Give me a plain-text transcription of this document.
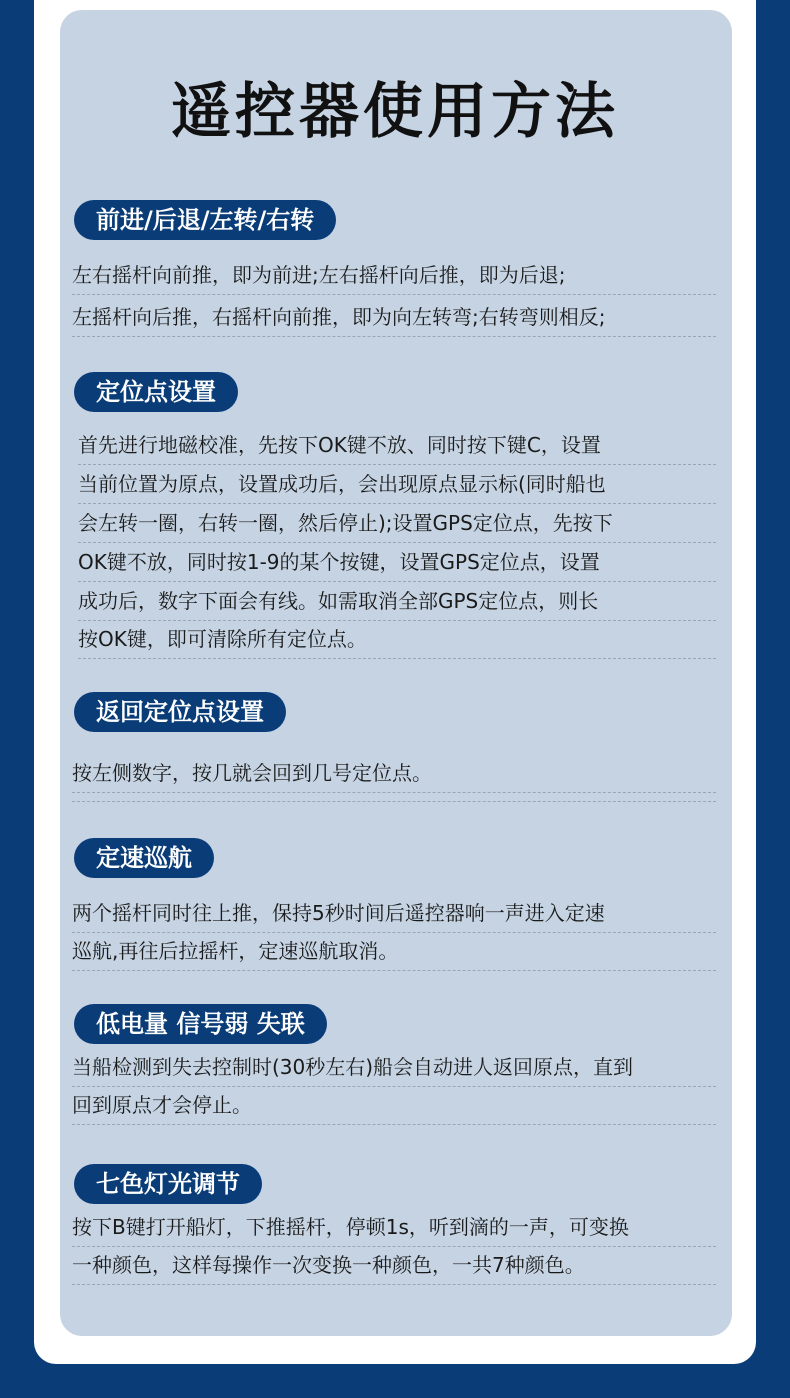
遥控器使用方法
前进/后退/左转/右转
左右摇杆向前推，即为前进;左右摇杆向后推，即为后退;
左摇杆向后推，右摇杆向前推，即为向左转弯;右转弯则相反;
定位点设置
首先进行地磁校准，先按下OK键不放、同时按下键C，设置
当前位置为原点，设置成功后，会出现原点显示标(同时船也
会左转一圈，右转一圈，然后停止);设置GPS定位点，先按下
OK键不放，同时按1-9的某个按键，设置GPS定位点，设置
成功后，数字下面会有线。如需取消全部GPS定位点，则长
按OK键，即可清除所有定位点。
返回定位点设置
按左侧数字，按几就会回到几号定位点。
定速巡航
两个摇杆同时往上推，保持5秒时间后遥控器响一声进入定速
巡航,再往后拉摇杆，定速巡航取消。
低电量 信号弱 失联
当船检测到失去控制时(30秒左右)船会自动进人返回原点，直到
回到原点才会停止。
七色灯光调节
按下B键打开船灯，下推摇杆，停顿1s，听到滴的一声，可变换
一种颜色，这样每操作一次变换一种颜色，一共7种颜色。
